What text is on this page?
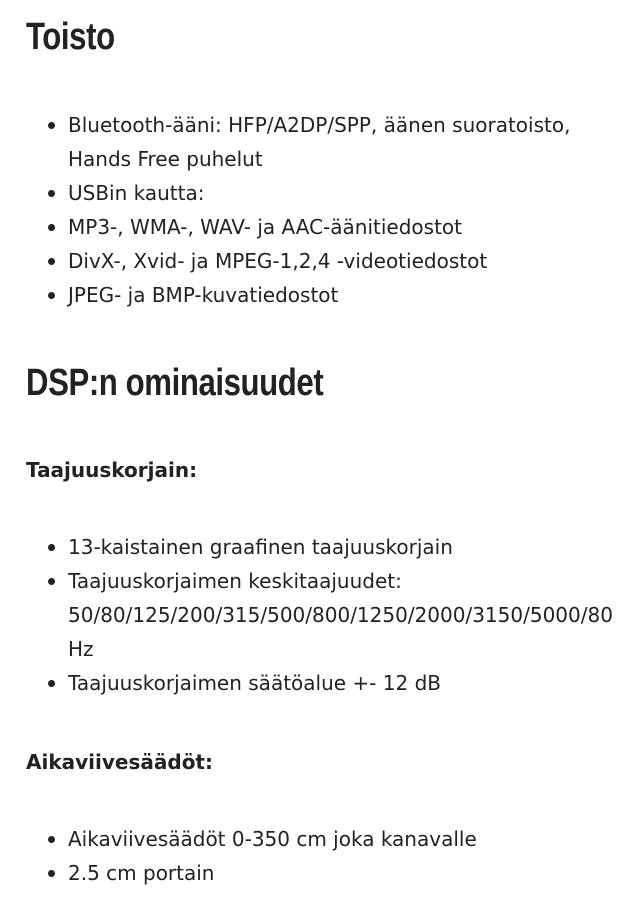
Toisto
Bluetooth-ääni: HFP/A2DP/SPP, äänen suoratoisto,
Hands Free puhelut
USBin kautta:
MP3-, WMA-, WAV- ja AAC-äänitiedostot
DivX-, Xvid- ja MPEG-1,2,4 -videotiedostot
JPEG- ja BMP-kuvatiedostot
DSP:n ominaisuudet

Taajuuskorjain:

13-kaistainen graafinen taajuuskorjain
Taajuuskorjaimen keskitaajuudet:
50/80/125/200/315/500/800/1250/2000/3150/5000/80
Hz
Taajuuskorjaimen säätöalue +- 12 dB

Aikaviivesäädöt:

Aikaviivesäädöt 0-350 cm joka kanavalle
2.5 cm portain
